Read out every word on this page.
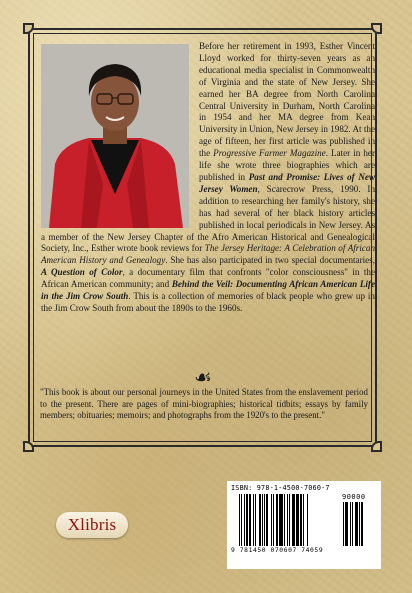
Before her retirement in 1993, Esther Vincent Lloyd worked for thirty-seven years as an educational media specialist in Commonwealth of Virginia and the state of New Jersey. She earned her BA degree from North Carolina Central University in Durham, North Carolina in 1954 and her MA degree from Kean University in Union, New Jersey in 1982. At the age of fifteen, her first article was published in the Progressive Farmer Magazine. Later in her life she wrote three biographies which are published in Past and Promise: Lives of New Jersey Women, Scarecrow Press, 1990. In addition to researching her family's history, she has had several of her black history articles published in local periodicals in New Jersey. As a member of the New Jersey Chapter of the Afro American Historical and Genealogical Society, Inc., Esther wrote book reviews for The Jersey Heritage: A Celebration of African American History and Genealogy. She has also participated in two special documentaries, A Question of Color, a documentary film that confronts "color consciousness" in the African American community; and Behind the Veil: Documenting African American Life in the Jim Crow South. This is a collection of memories of black people who grew up in the Jim Crow South from about the 1890s to the 1960s.
☙
"This book is about our personal journeys in the United States from the enslavement period to the present. There are pages of mini-biographies; historical tidbits; essays by family members; obituaries; memoirs; and photographs from the 1920's to the present."
Xlibris
ISBN: 978-1-4500-7060-7
90000
9 781450 070607 74059
